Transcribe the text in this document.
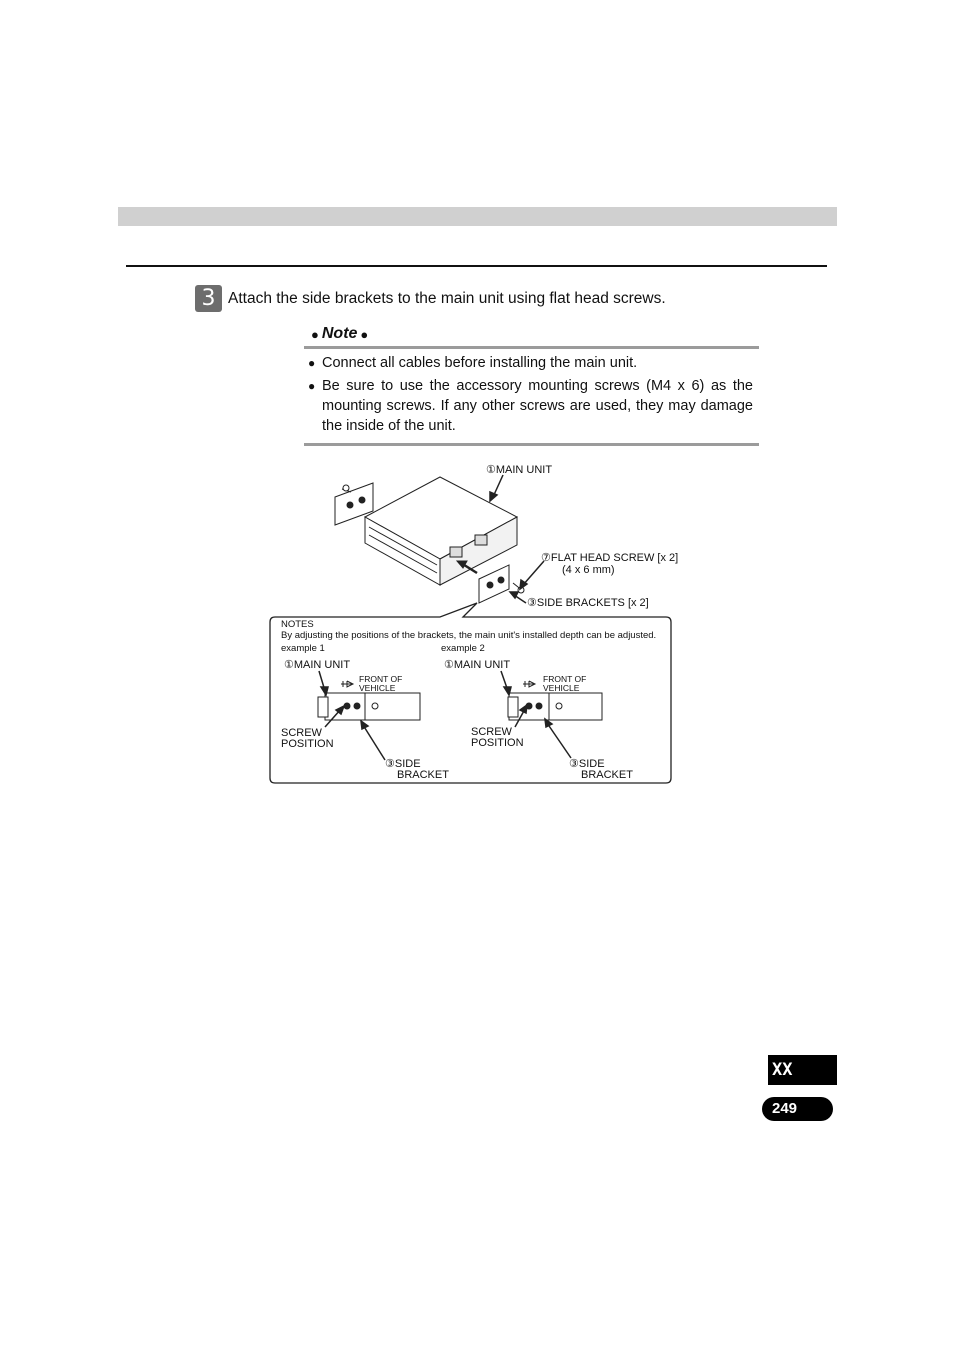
3 Attach the side brackets to the main unit using flat head screws.
● Note ●
● Connect all cables before installing the main unit.
● Be sure to use the accessory mounting screws (M4 x 6) as the mounting screws. If any other screws are used, they may damage the inside of the unit.
①MAIN UNIT
⑦FLAT HEAD SCREW [x 2]
(4 x 6 mm)
③SIDE BRACKETS [x 2]
NOTES
By adjusting the positions of the brackets, the main unit's installed depth can be adjusted.
example 1
①MAIN UNIT
FRONT OF
VEHICLE
SCREW
POSITION
③SIDE
BRACKET
example 2
①MAIN UNIT
FRONT OF
VEHICLE
SCREW
POSITION
③SIDE
BRACKET
XX
249
